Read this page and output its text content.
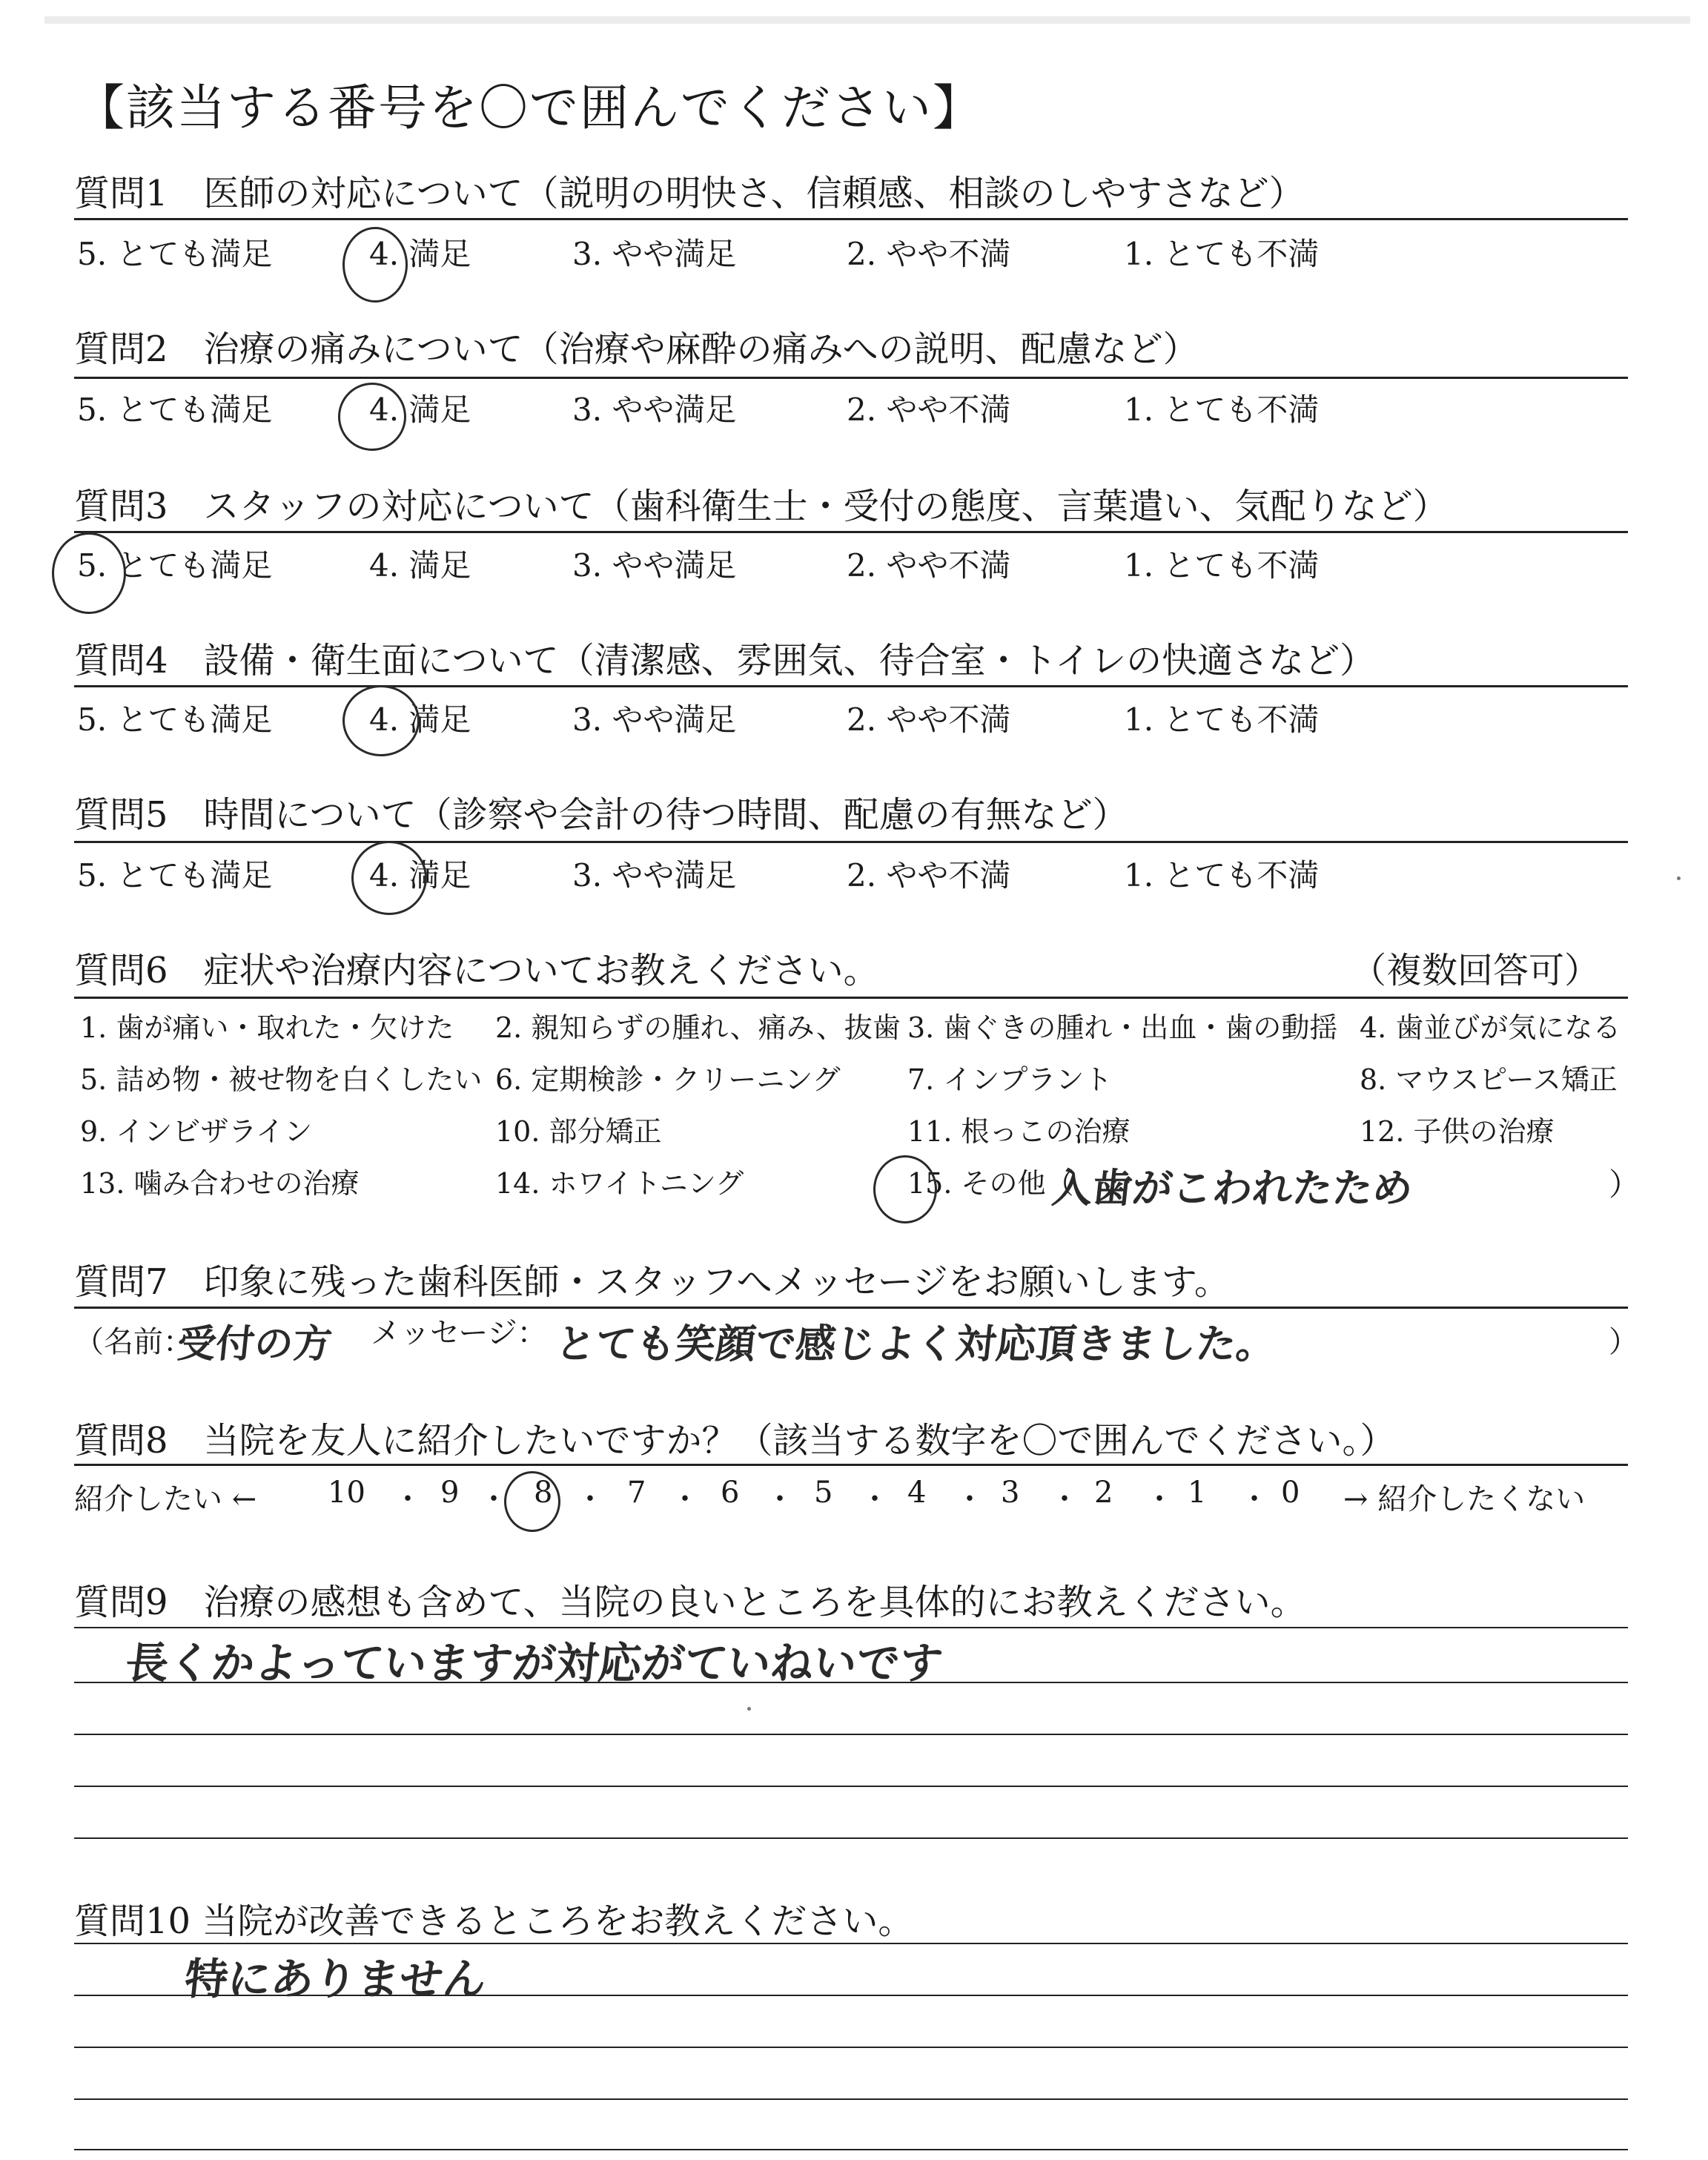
【該当する番号を〇で囲んでください】
質問1　医師の対応について（説明の明快さ、信頼感、相談のしやすさなど）
5. とても満足	4. 満足	3. やや満足	2. やや不満	1. とても不満
質問2　治療の痛みについて（治療や麻酔の痛みへの説明、配慮など）
5. とても満足	4. 満足	3. やや満足	2. やや不満	1. とても不満
質問3　スタッフの対応について（歯科衛生士・受付の態度、言葉遣い、気配りなど）
5. とても満足	4. 満足	3. やや満足	2. やや不満	1. とても不満
質問4　設備・衛生面について（清潔感、雰囲気、待合室・トイレの快適さなど）
5. とても満足	4. 満足	3. やや満足	2. やや不満	1. とても不満
質問5　時間について（診察や会計の待つ時間、配慮の有無など）
5. とても満足	4. 満足	3. やや満足	2. やや不満	1. とても不満
質問6　症状や治療内容についてお教えください。	（複数回答可）
1. 歯が痛い・取れた・欠けた 2. 親知らずの腫れ、痛み、抜歯 3. 歯ぐきの腫れ・出血・歯の動揺 4. 歯並びが気になる
5. 詰め物・被せ物を白くしたい 6. 定期検診・クリーニング 7. インプラント	8. マウスピース矯正
9. インビザライン	10. 部分矯正	11. 根っこの治療	12. 子供の治療
13. 噛み合わせの治療	14. ホワイトニング	15. その他（	）
入歯がこわれたため
質問7　印象に残った歯科医師・スタッフへメッセージをお願いします。
（名前：
受付の方 メッセージ： とても笑顔で感じよく対応頂きました。	）
質問8　当院を友人に紹介したいですか？（該当する数字を〇で囲んでください。）
紹介したい ← 10 ・ 9 ・ 8 ・ 7 ・ 6 ・ 5 ・ 4 ・ 3 ・ 2 ・ 1 ・ 0 → 紹介したくない
質問9　治療の感想も含めて、当院の良いところを具体的にお教えください。
長くかよっていますが対応がていねいです
質問10 当院が改善できるところをお教えください。
特にありません
